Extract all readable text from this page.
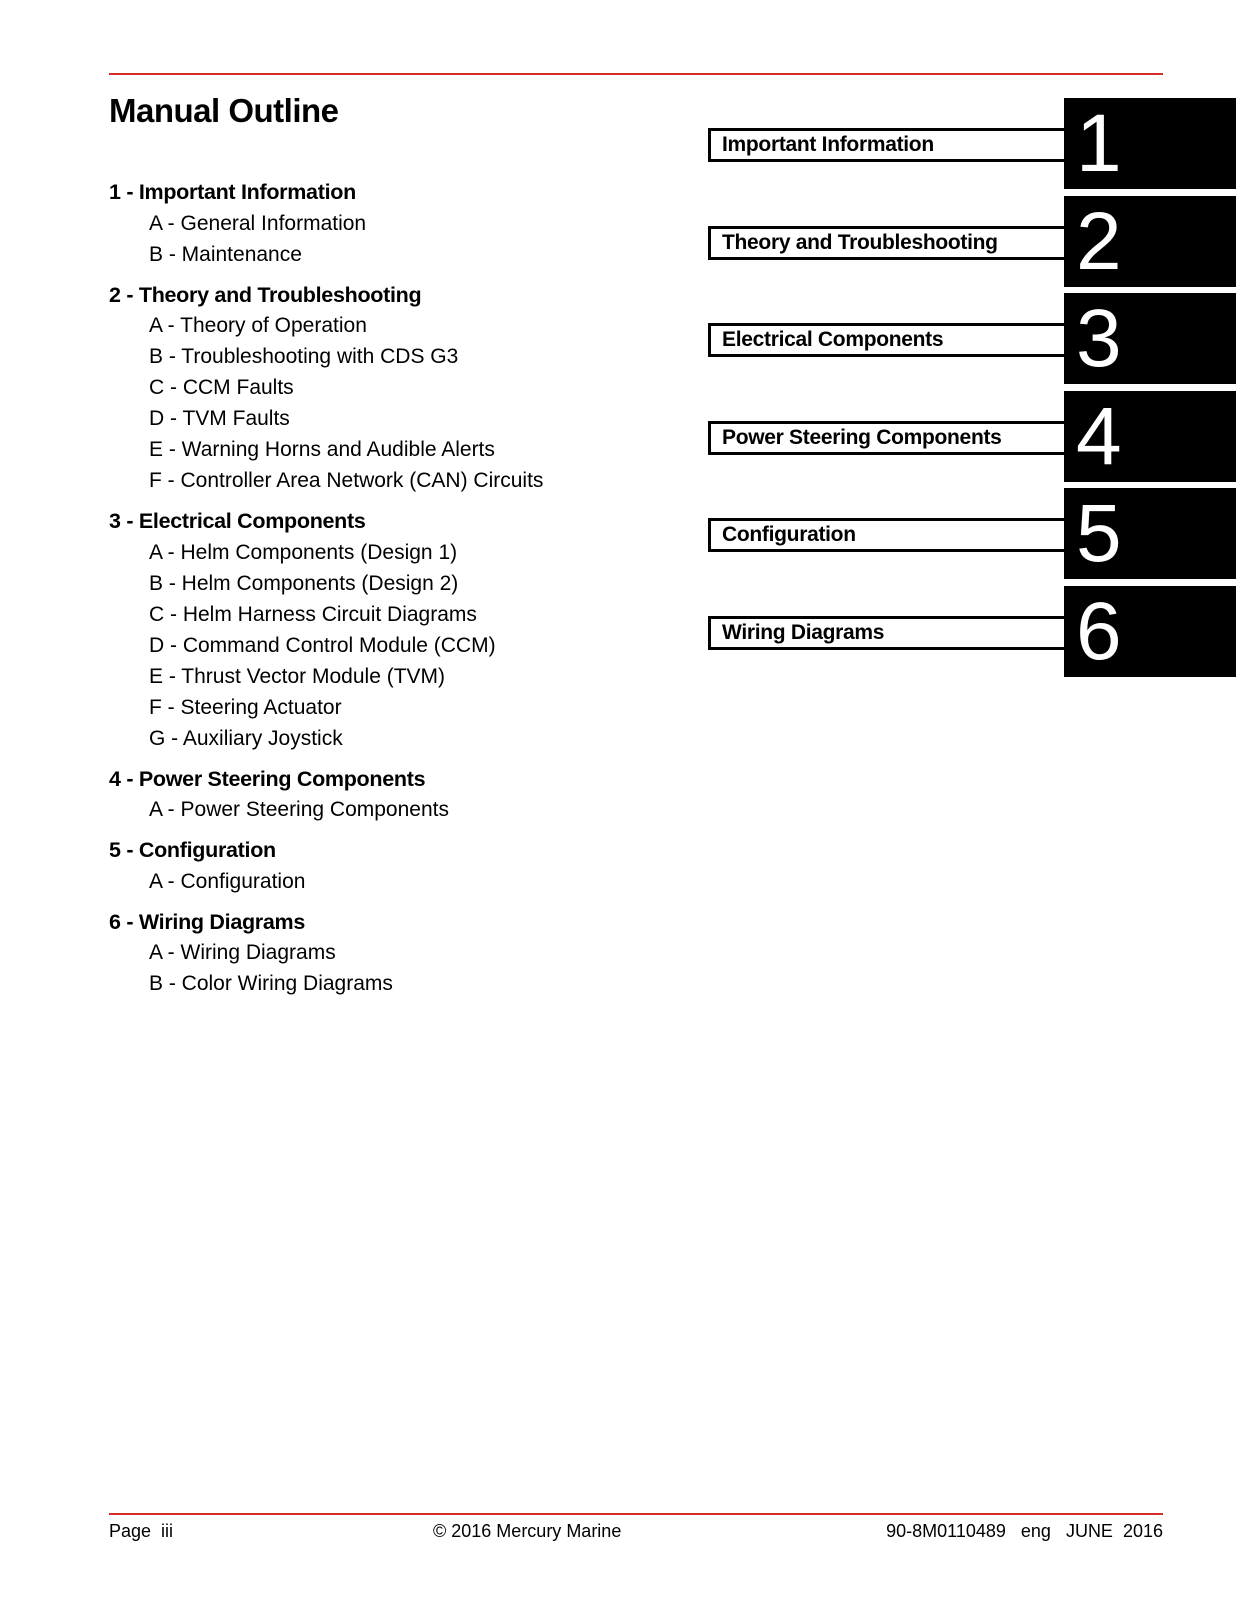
Manual Outline
1 - Important Information
A - General Information
B - Maintenance
2 - Theory and Troubleshooting
A - Theory of Operation
B - Troubleshooting with CDS G3
C - CCM Faults
D - TVM Faults
E - Warning Horns and Audible Alerts
F - Controller Area Network (CAN) Circuits
3 - Electrical Components
A - Helm Components (Design 1)
B - Helm Components (Design 2)
C - Helm Harness Circuit Diagrams
D - Command Control Module (CCM)
E - Thrust Vector Module (TVM)
F - Steering Actuator
G - Auxiliary Joystick
4 - Power Steering Components
A - Power Steering Components
5 - Configuration
A - Configuration
6 - Wiring Diagrams
A - Wiring Diagrams
B - Color Wiring Diagrams
Important Information	1
Theory and Troubleshooting 2
Electrical Components	3
Power Steering Components 4
Configuration	5
Wiring Diagrams	6
Page  iii	© 2016 Mercury Marine	90-8M0110489   eng   JUNE  2016
